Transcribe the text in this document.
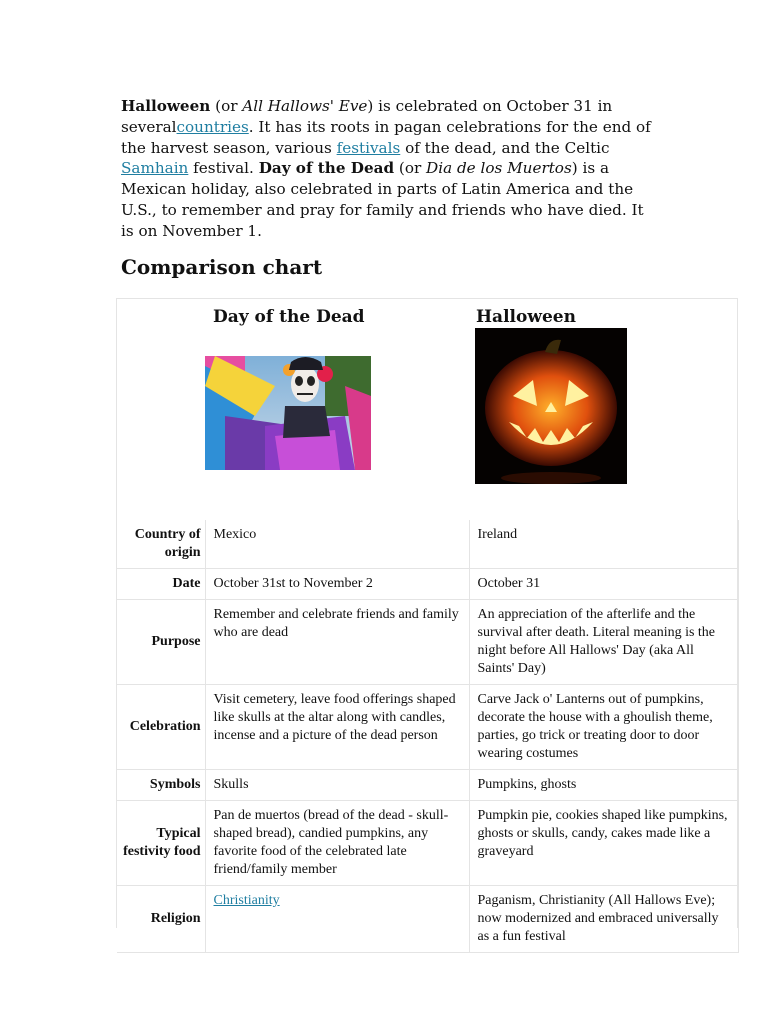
Halloween (or All Hallows' Eve) is celebrated on October 31 in severalcountries. It has its roots in pagan celebrations for the end of the harvest season, various festivals of the dead, and the Celtic Samhain festival. Day of the Dead (or Dia de los Muertos) is a Mexican holiday, also celebrated in parts of Latin America and the U.S., to remember and pray for family and friends who have died. It is on November 1.
Comparison chart
Day of the Dead	Halloween
Country of origin	Mexico	Ireland
Date	October 31st to November 2	October 31
Purpose	Remember and celebrate friends and family who are dead	An appreciation of the afterlife and the survival after death. Literal meaning is the night before All Hallows' Day (aka All Saints' Day)
Celebration	Visit cemetery, leave food offerings shaped like skulls at the altar along with candles, incense and a picture of the dead person	Carve Jack o' Lanterns out of pumpkins, decorate the house with a ghoulish theme, parties, go trick or treating door to door wearing costumes
Symbols	Skulls	Pumpkins, ghosts
Typical festivity food	Pan de muertos (bread of the dead - skull-shaped bread), candied pumpkins, any favorite food of the celebrated late friend/family member	Pumpkin pie, cookies shaped like pumpkins, ghosts or skulls, candy, cakes made like a graveyard
Religion	Christianity	Paganism, Christianity (All Hallows Eve); now modernized and embraced universally as a fun festival
